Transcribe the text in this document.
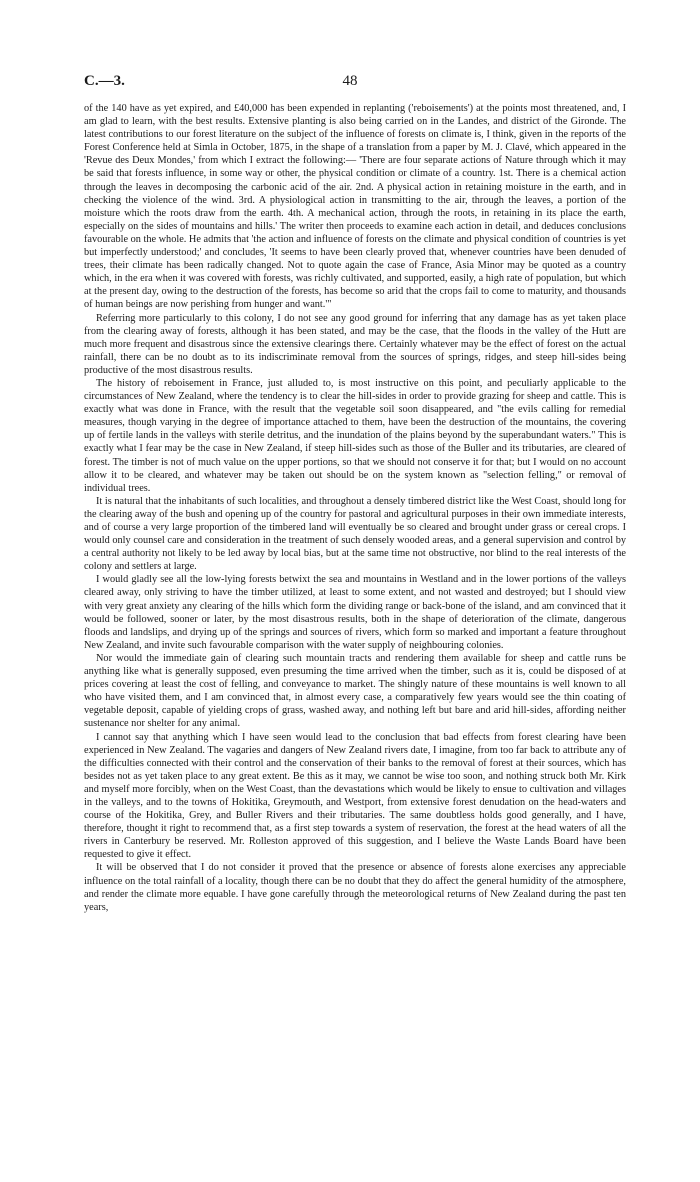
C.—3.	48

of the 140 have as yet expired, and £40,000 has been expended in replanting ('reboisements') at the points most threatened, and, I am glad to learn, with the best results. Extensive planting is also being carried on in the Landes, and district of the Gironde. The latest contributions to our forest literature on the subject of the influence of forests on climate is, I think, given in the reports of the Forest Conference held at Simla in October, 1875, in the shape of a translation from a paper by M. J. Clavé, which appeared in the 'Revue des Deux Mondes,' from which I extract the following:— 'There are four separate actions of Nature through which it may be said that forests influence, in some way or other, the physical condition or climate of a country. 1st. There is a chemical action through the leaves in decomposing the carbonic acid of the air. 2nd. A physical action in retaining moisture in the earth, and in checking the violence of the wind. 3rd. A physiological action in transmitting to the air, through the leaves, a portion of the moisture which the roots draw from the earth. 4th. A mechanical action, through the roots, in retaining in its place the earth, especially on the sides of mountains and hills.' The writer then proceeds to examine each action in detail, and deduces conclusions favourable on the whole. He admits that 'the action and influence of forests on the climate and physical condition of countries is yet but imperfectly understood;' and concludes, 'It seems to have been clearly proved that, whenever countries have been denuded of trees, their climate has been radically changed. Not to quote again the case of France, Asia Minor may be quoted as a country which, in the era when it was covered with forests, was richly cultivated, and supported, easily, a high rate of population, but which at the present day, owing to the destruction of the forests, has become so arid that the crops fail to come to maturity, and thousands of human beings are now perishing from hunger and want.'"

Referring more particularly to this colony, I do not see any good ground for inferring that any damage has as yet taken place from the clearing away of forests, although it has been stated, and may be the case, that the floods in the valley of the Hutt are much more frequent and disastrous since the extensive clearings there. Certainly whatever may be the effect of forest on the actual rainfall, there can be no doubt as to its indiscriminate removal from the sources of springs, ridges, and steep hill-sides being productive of the most disastrous results.

The history of reboisement in France, just alluded to, is most instructive on this point, and peculiarly applicable to the circumstances of New Zealand, where the tendency is to clear the hill-sides in order to provide grazing for sheep and cattle. This is exactly what was done in France, with the result that the vegetable soil soon disappeared, and "the evils calling for remedial measures, though varying in the degree of importance attached to them, have been the destruction of the mountains, the covering up of fertile lands in the valleys with sterile detritus, and the inundation of the plains beyond by the superabundant waters." This is exactly what I fear may be the case in New Zealand, if steep hill-sides such as those of the Buller and its tributaries, are cleared of forest. The timber is not of much value on the upper portions, so that we should not conserve it for that; but I would on no account allow it to be cleared, and whatever may be taken out should be on the system known as "selection felling," or removal of individual trees.

It is natural that the inhabitants of such localities, and throughout a densely timbered district like the West Coast, should long for the clearing away of the bush and opening up of the country for pastoral and agricultural purposes in their own immediate interests, and of course a very large proportion of the timbered land will eventually be so cleared and brought under grass or cereal crops. I would only counsel care and consideration in the treatment of such densely wooded areas, and a general supervision and control by a central authority not likely to be led away by local bias, but at the same time not obstructive, nor blind to the real interests of the colony and settlers at large.

I would gladly see all the low-lying forests betwixt the sea and mountains in Westland and in the lower portions of the valleys cleared away, only striving to have the timber utilized, at least to some extent, and not wasted and destroyed; but I should view with very great anxiety any clearing of the hills which form the dividing range or back-bone of the island, and am convinced that it would be followed, sooner or later, by the most disastrous results, both in the shape of deterioration of the climate, dangerous floods and landslips, and drying up of the springs and sources of rivers, which form so marked and important a feature throughout New Zealand, and invite such favourable comparison with the water supply of neighbouring colonies.

Nor would the immediate gain of clearing such mountain tracts and rendering them available for sheep and cattle runs be anything like what is generally supposed, even presuming the time arrived when the timber, such as it is, could be disposed of at prices covering at least the cost of felling, and conveyance to market. The shingly nature of these mountains is well known to all who have visited them, and I am convinced that, in almost every case, a comparatively few years would see the thin coating of vegetable deposit, capable of yielding crops of grass, washed away, and nothing left but bare and arid hill-sides, affording neither sustenance nor shelter for any animal.

I cannot say that anything which I have seen would lead to the conclusion that bad effects from forest clearing have been experienced in New Zealand. The vagaries and dangers of New Zealand rivers date, I imagine, from too far back to attribute any of the difficulties connected with their control and the conservation of their banks to the removal of forest at their sources, which has besides not as yet taken place to any great extent. Be this as it may, we cannot be wise too soon, and nothing struck both Mr. Kirk and myself more forcibly, when on the West Coast, than the devastations which would be likely to ensue to cultivation and villages in the valleys, and to the towns of Hokitika, Greymouth, and Westport, from extensive forest denudation on the head-waters and course of the Hokitika, Grey, and Buller Rivers and their tributaries. The same doubtless holds good generally, and I have, therefore, thought it right to recommend that, as a first step towards a system of reservation, the forest at the head waters of all the rivers in Canterbury be reserved. Mr. Rolleston approved of this suggestion, and I believe the Waste Lands Board have been requested to give it effect.

It will be observed that I do not consider it proved that the presence or absence of forests alone exercises any appreciable influence on the total rainfall of a locality, though there can be no doubt that they do affect the general humidity of the atmosphere, and render the climate more equable. I have gone carefully through the meteorological returns of New Zealand during the past ten years,
